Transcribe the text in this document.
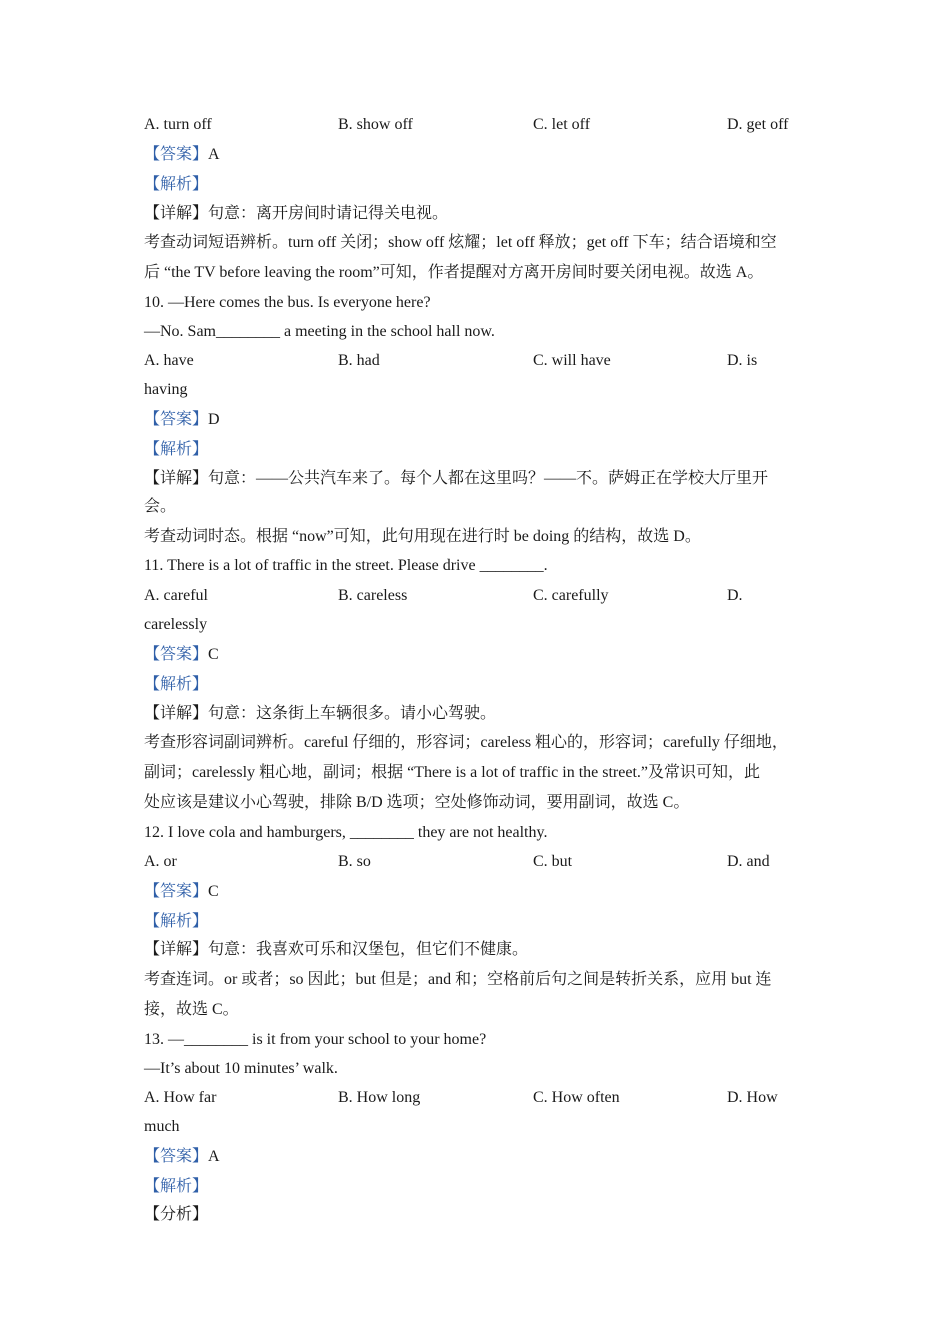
A. turn off	B. show off	C. let off	D. get off
【答案】A
【解析】
【详解】句意：离开房间时请记得关电视。
考查动词短语辨析。turn off 关闭；show off 炫耀；let off 释放；get off 下车；结合语境和空
后 “the TV before leaving the room”可知，作者提醒对方离开房间时要关闭电视。故选 A。
10. —Here comes the bus. Is everyone here?
—No. Sam________ a meeting in the school hall now.
A. have	B. had	C. will have	D. is
having
【答案】D
【解析】
【详解】句意：——公共汽车来了。每个人都在这里吗？——不。萨姆正在学校大厅里开
会。
考查动词时态。根据 “now”可知，此句用现在进行时 be doing 的结构，故选 D。
11. There is a lot of traffic in the street. Please drive ________.
A. careful	B. careless	C. carefully	D.
carelessly
【答案】C
【解析】
【详解】句意：这条街上车辆很多。请小心驾驶。
考查形容词副词辨析。careful 仔细的，形容词；careless 粗心的，形容词；carefully 仔细地，
副词；carelessly 粗心地，副词；根据 “There is a lot of traffic in the street.”及常识可知，此
处应该是建议小心驾驶，排除 B/D 选项；空处修饰动词，要用副词，故选 C。
12. I love cola and hamburgers, ________ they are not healthy.
A. or	B. so	C. but	D. and
【答案】C
【解析】
【详解】句意：我喜欢可乐和汉堡包，但它们不健康。
考查连词。or 或者；so 因此；but 但是；and 和；空格前后句之间是转折关系，应用 but 连
接，故选 C。
13. —________ is it from your school to your home?
—It’s about 10 minutes’ walk.
A. How far	B. How long	C. How often	D. How
much
【答案】A
【解析】
【分析】
